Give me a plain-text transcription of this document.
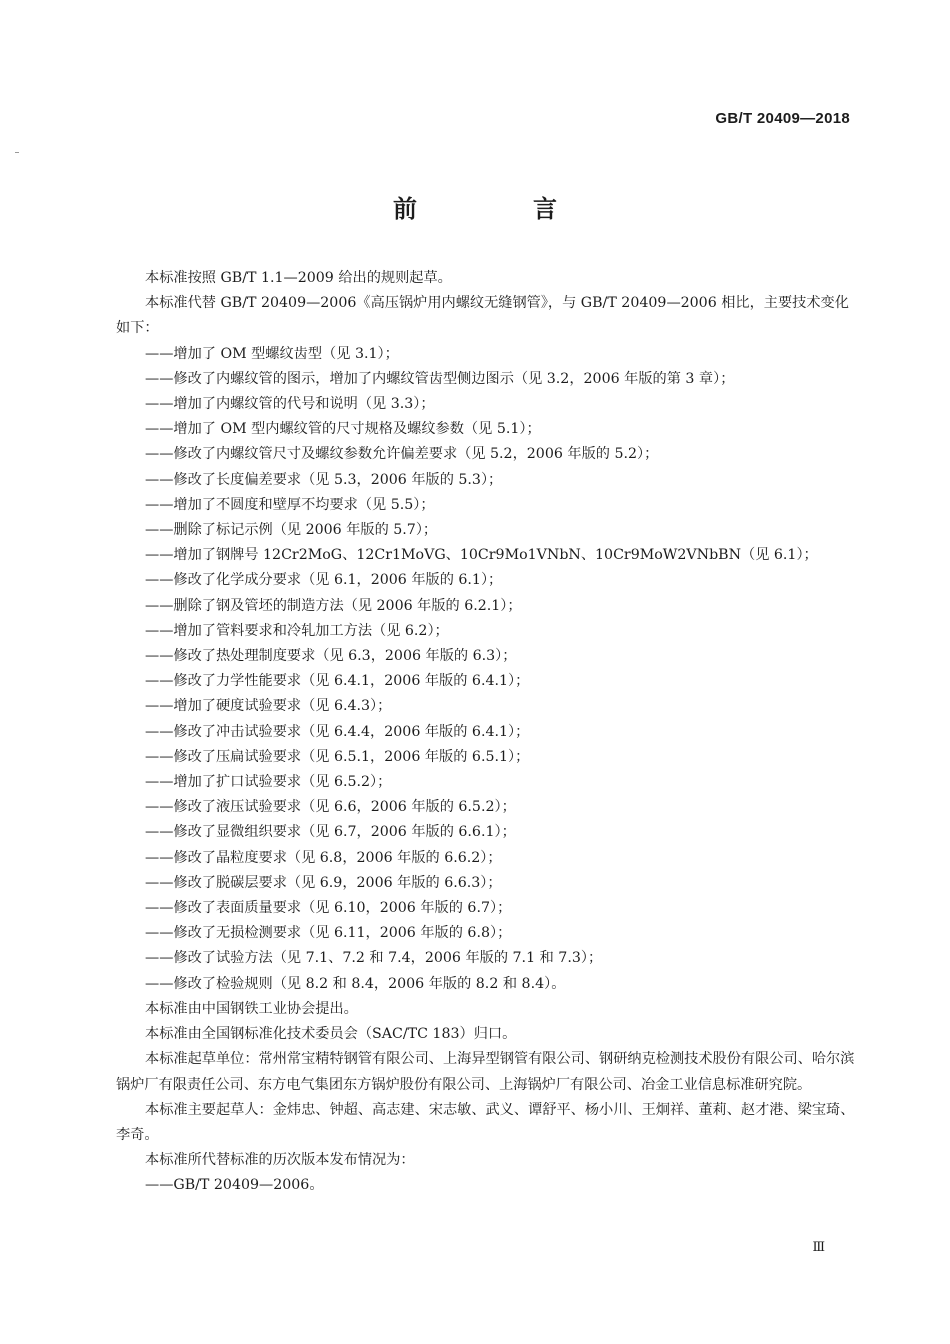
GB/T 20409—2018
前　言

本标准按照 GB/T 1.1—2009 给出的规则起草。

本标准代替 GB/T 20409—2006《高压锅炉用内螺纹无缝钢管》，与 GB/T 20409—2006 相比，主要技术变化如下：

——增加了 OM 型螺纹齿型（见 3.1）；

——修改了内螺纹管的图示，增加了内螺纹管齿型侧边图示（见 3.2，2006 年版的第 3 章）；

——增加了内螺纹管的代号和说明（见 3.3）；

——增加了 OM 型内螺纹管的尺寸规格及螺纹参数（见 5.1）；

——修改了内螺纹管尺寸及螺纹参数允许偏差要求（见 5.2，2006 年版的 5.2）；

——修改了长度偏差要求（见 5.3，2006 年版的 5.3）；

——增加了不圆度和壁厚不均要求（见 5.5）；

——删除了标记示例（见 2006 年版的 5.7）；

——增加了钢牌号 12Cr2MoG、12Cr1MoVG、10Cr9Mo1VNbN、10Cr9MoW2VNbBN（见 6.1）；

——修改了化学成分要求（见 6.1，2006 年版的 6.1）；

——删除了钢及管坯的制造方法（见 2006 年版的 6.2.1）；

——增加了管料要求和冷轧加工方法（见 6.2）；

——修改了热处理制度要求（见 6.3，2006 年版的 6.3）；

——修改了力学性能要求（见 6.4.1，2006 年版的 6.4.1）；

——增加了硬度试验要求（见 6.4.3）；

——修改了冲击试验要求（见 6.4.4，2006 年版的 6.4.1）；

——修改了压扁试验要求（见 6.5.1，2006 年版的 6.5.1）；

——增加了扩口试验要求（见 6.5.2）；

——修改了液压试验要求（见 6.6，2006 年版的 6.5.2）；

——修改了显微组织要求（见 6.7，2006 年版的 6.6.1）；

——修改了晶粒度要求（见 6.8，2006 年版的 6.6.2）；

——修改了脱碳层要求（见 6.9，2006 年版的 6.6.3）；

——修改了表面质量要求（见 6.10，2006 年版的 6.7）；

——修改了无损检测要求（见 6.11，2006 年版的 6.8）；

——修改了试验方法（见 7.1、7.2 和 7.4，2006 年版的 7.1 和 7.3）；

——修改了检验规则（见 8.2 和 8.4，2006 年版的 8.2 和 8.4）。

本标准由中国钢铁工业协会提出。

本标准由全国钢标准化技术委员会（SAC/TC 183）归口。

本标准起草单位：常州常宝精特钢管有限公司、上海异型钢管有限公司、钢研纳克检测技术股份有限公司、哈尔滨锅炉厂有限责任公司、东方电气集团东方锅炉股份有限公司、上海锅炉厂有限公司、冶金工业信息标准研究院。

本标准主要起草人：金炜忠、钟超、高志建、宋志敏、武义、谭舒平、杨小川、王炯祥、董莉、赵才港、梁宝琦、李奇。

本标准所代替标准的历次版本发布情况为：

——GB/T 20409—2006。

Ⅲ
